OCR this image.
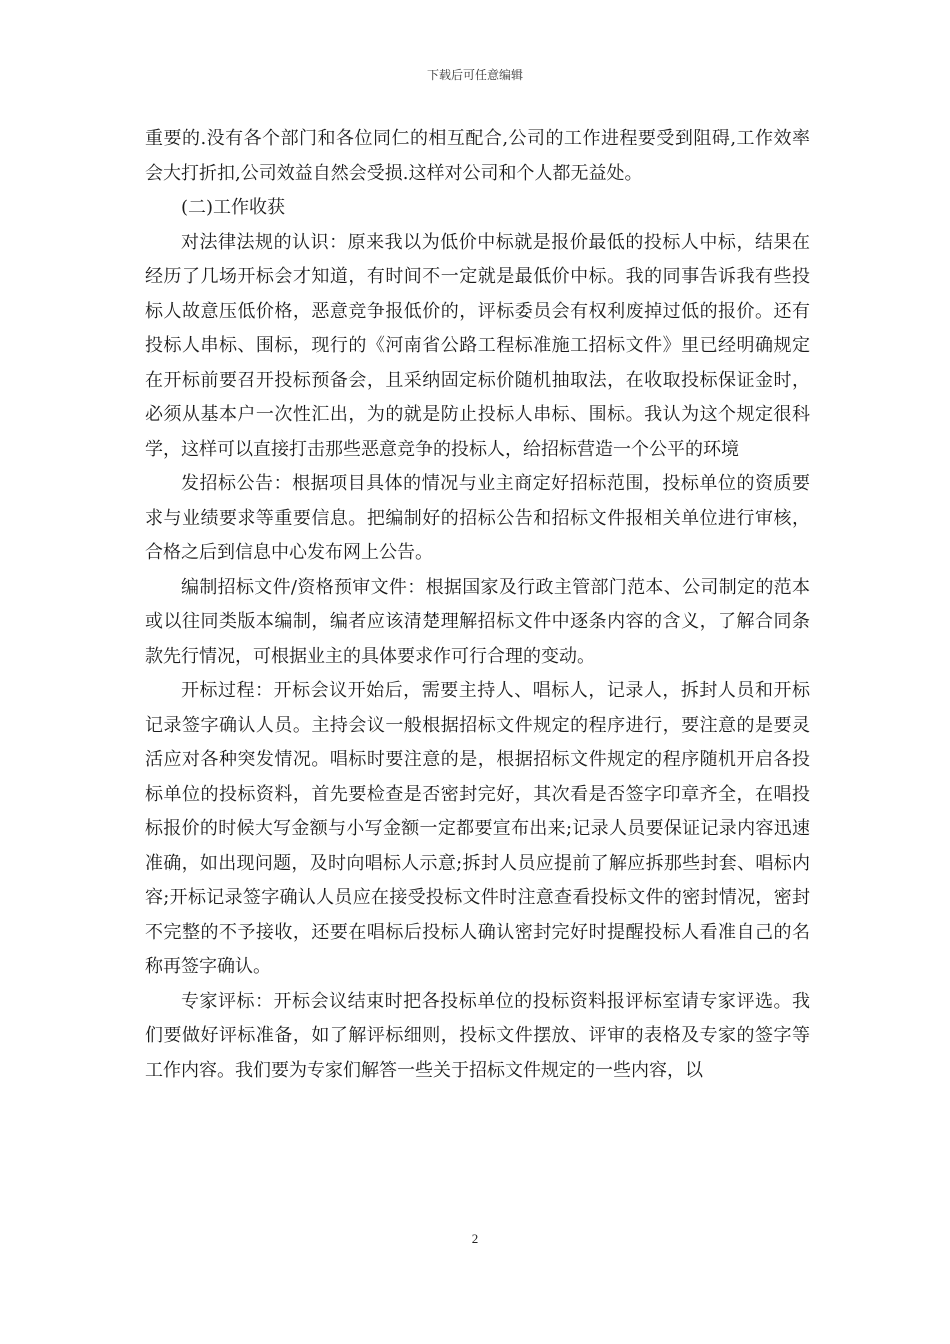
下载后可任意编辑

重要的.没有各个部门和各位同仁的相互配合,公司的工作进程要受到阻碍,工作效率会大打折扣,公司效益自然会受损.这样对公司和个人都无益处。

(二)工作收获

对法律法规的认识：原来我以为低价中标就是报价最低的投标人中标，结果在经历了几场开标会才知道，有时间不一定就是最低价中标。我的同事告诉我有些投标人故意压低价格，恶意竞争报低价的，评标委员会有权利废掉过低的报价。还有投标人串标、围标，现行的《河南省公路工程标准施工招标文件》里已经明确规定在开标前要召开投标预备会，且采纳固定标价随机抽取法，在收取投标保证金时，必须从基本户一次性汇出，为的就是防止投标人串标、围标。我认为这个规定很科学，这样可以直接打击那些恶意竞争的投标人，给招标营造一个公平的环境

发招标公告：根据项目具体的情况与业主商定好招标范围，投标单位的资质要求与业绩要求等重要信息。把编制好的招标公告和招标文件报相关单位进行审核，合格之后到信息中心发布网上公告。

编制招标文件/资格预审文件：根据国家及行政主管部门范本、公司制定的范本或以往同类版本编制，编者应该清楚理解招标文件中逐条内容的含义，了解合同条款先行情况，可根据业主的具体要求作可行合理的变动。

开标过程：开标会议开始后，需要主持人、唱标人，记录人，拆封人员和开标记录签字确认人员。主持会议一般根据招标文件规定的程序进行，要注意的是要灵活应对各种突发情况。唱标时要注意的是，根据招标文件规定的程序随机开启各投标单位的投标资料，首先要检查是否密封完好，其次看是否签字印章齐全，在唱投标报价的时候大写金额与小写金额一定都要宣布出来;记录人员要保证记录内容迅速准确，如出现问题，及时向唱标人示意;拆封人员应提前了解应拆那些封套、唱标内容;开标记录签字确认人员应在接受投标文件时注意查看投标文件的密封情况，密封不完整的不予接收，还要在唱标后投标人确认密封完好时提醒投标人看准自己的名称再签字确认。

专家评标：开标会议结束时把各投标单位的投标资料报评标室请专家评选。我们要做好评标准备，如了解评标细则，投标文件摆放、评审的表格及专家的签字等工作内容。我们要为专家们解答一些关于招标文件规定的一些内容，以

2
